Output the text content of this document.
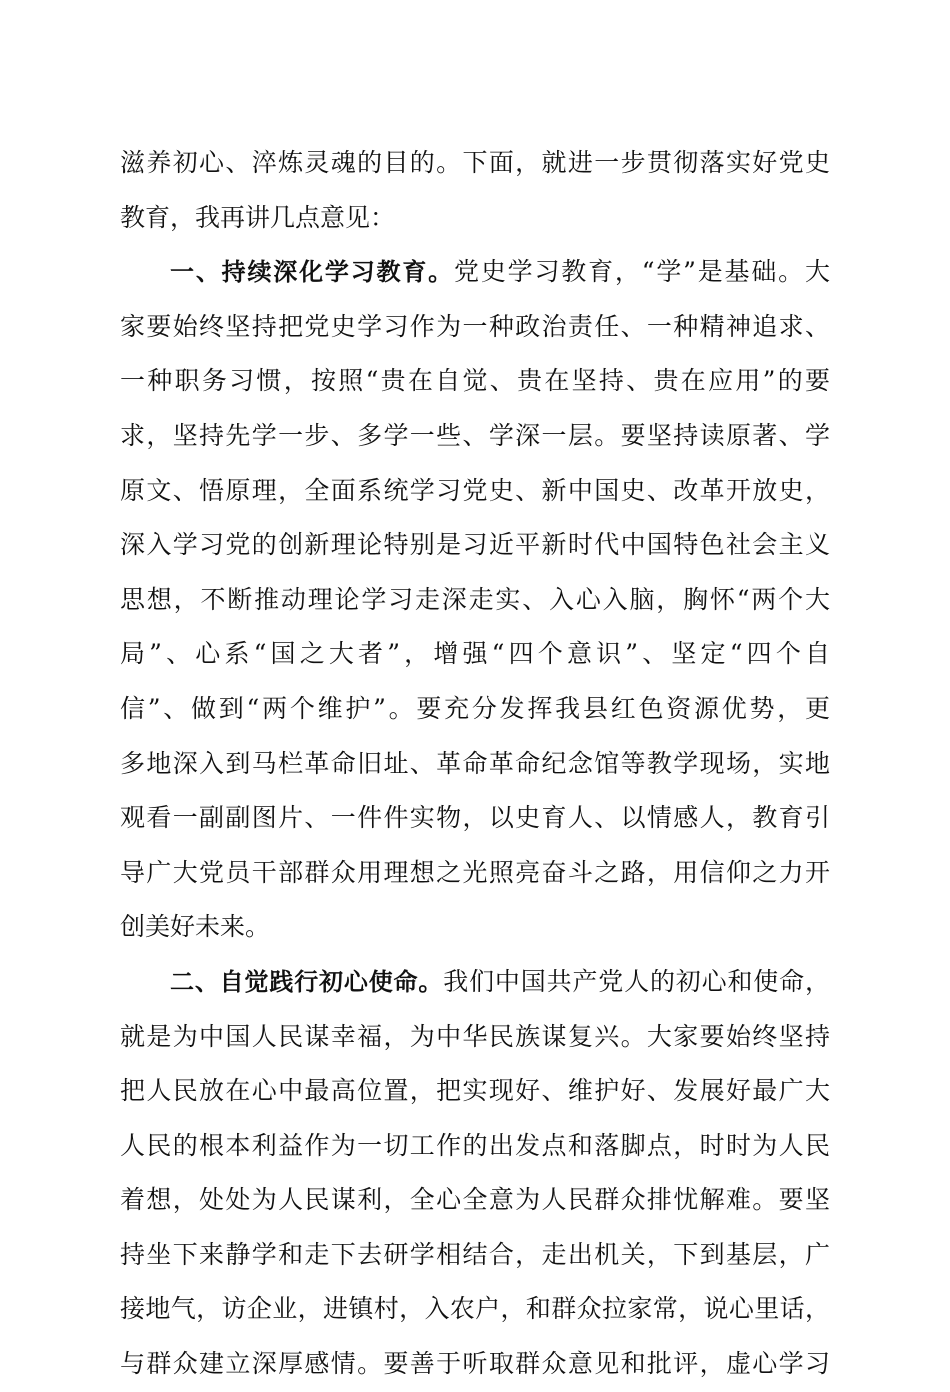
滋养初心、淬炼灵魂的目的。下面，就进一步贯彻落实好党史
教育，我再讲几点意见：
一、持续深化学习教育。党史学习教育，“学”是基础。大
家要始终坚持把党史学习作为一种政治责任、一种精神追求、
一种职务习惯，按照“贵在自觉、贵在坚持、贵在应用”的要
求，坚持先学一步、多学一些、学深一层。要坚持读原著、学
原文、悟原理，全面系统学习党史、新中国史、改革开放史，
深入学习党的创新理论特别是习近平新时代中国特色社会主义
思想，不断推动理论学习走深走实、入心入脑，胸怀“两个大
局”、心系“国之大者”，增强“四个意识”、坚定“四个自
信”、做到“两个维护”。要充分发挥我县红色资源优势，更
多地深入到马栏革命旧址、革命革命纪念馆等教学现场，实地
观看一副副图片、一件件实物，以史育人、以情感人，教育引
导广大党员干部群众用理想之光照亮奋斗之路，用信仰之力开
创美好未来。
二、自觉践行初心使命。我们中国共产党人的初心和使命，
就是为中国人民谋幸福，为中华民族谋复兴。大家要始终坚持
把人民放在心中最高位置，把实现好、维护好、发展好最广大
人民的根本利益作为一切工作的出发点和落脚点，时时为人民
着想，处处为人民谋利，全心全意为人民群众排忧解难。要坚
持坐下来静学和走下去研学相结合，走出机关，下到基层，广
接地气，访企业，进镇村，入农户，和群众拉家常，说心里话，
与群众建立深厚感情。要善于听取群众意见和批评，虚心学习
